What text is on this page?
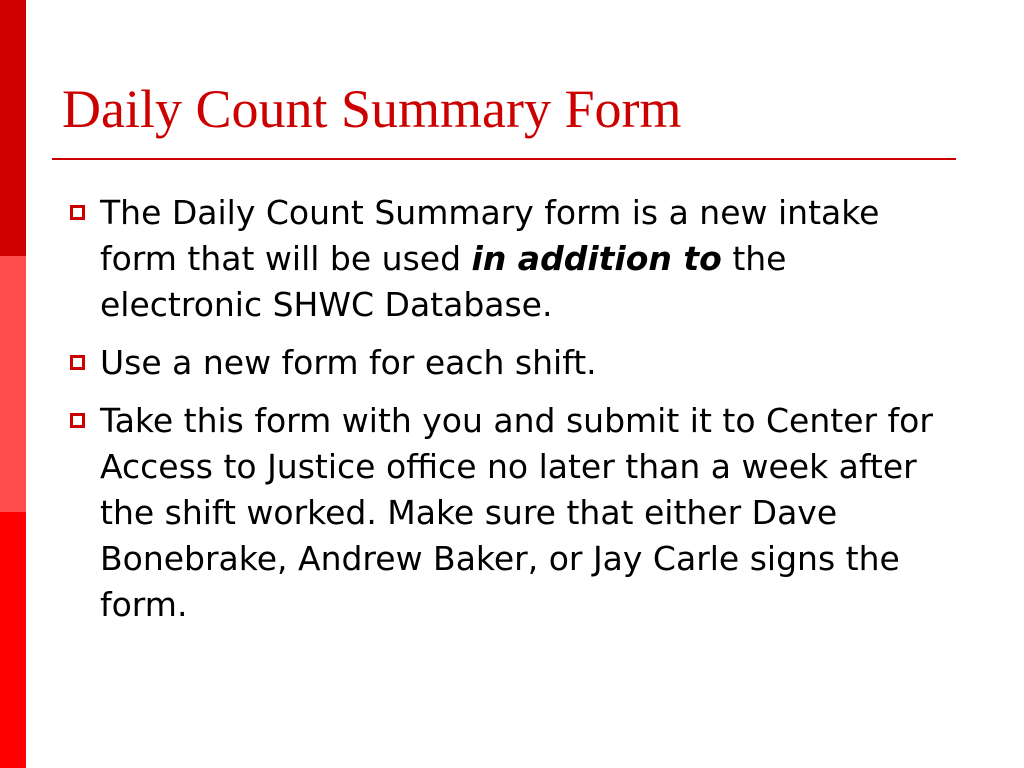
Daily Count Summary Form
The Daily Count Summary form is a new intake form that will be used in addition to the electronic SHWC Database.
Use a new form for each shift.
Take this form with you and submit it to Center for Access to Justice office no later than a week after the shift worked. Make sure that either Dave Bonebrake, Andrew Baker, or Jay Carle signs the form.
